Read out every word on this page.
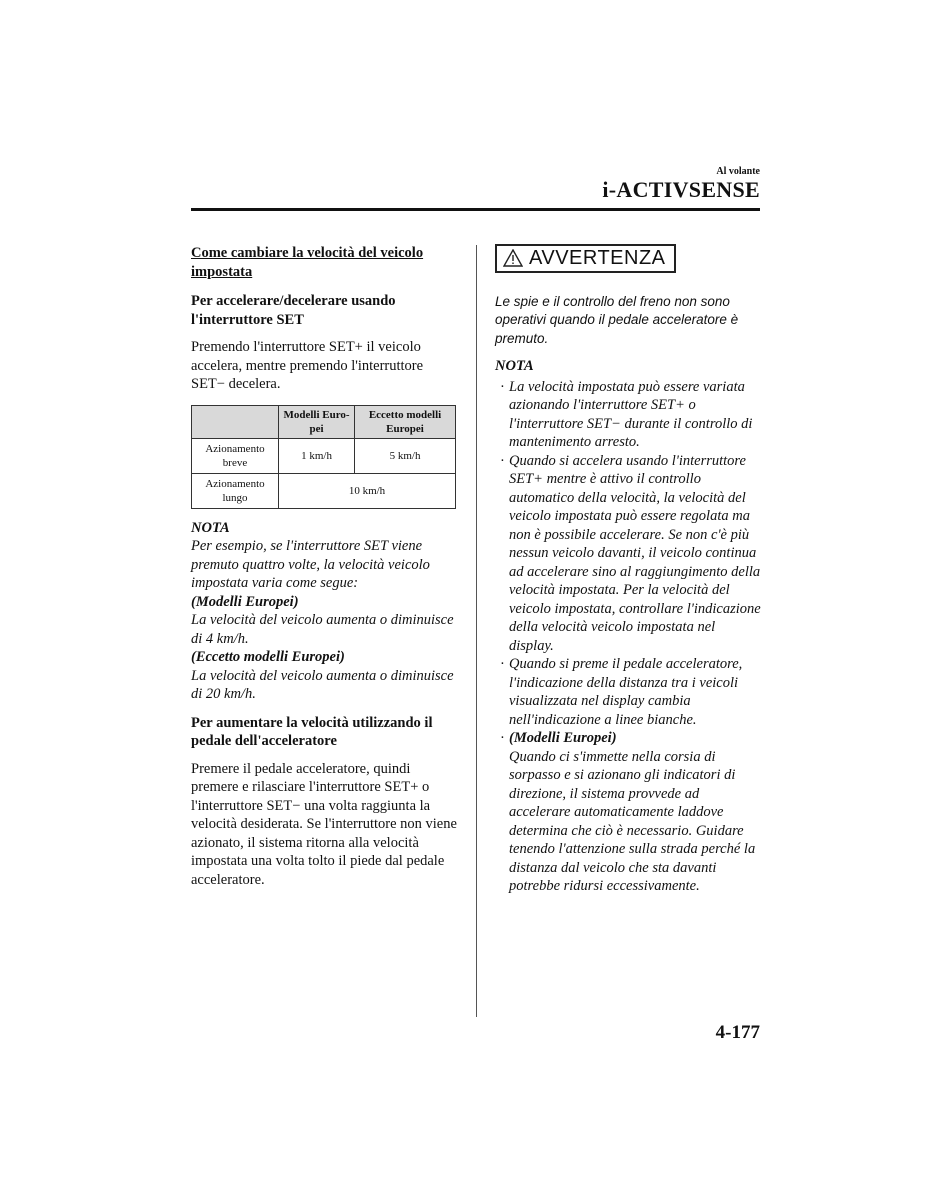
Al volante
i-ACTIVSENSE

Come cambiare la velocità del veicolo impostata

Per accelerare/decelerare usando l'interruttore SET

Premendo l'interruttore SET+ il veicolo accelera, mentre premendo l'interruttore SET− decelera.

	Modelli Euro-pei	Eccetto modelli Europei
Azionamento breve	1 km/h	5 km/h
Azionamento lungo	10 km/h	

NOTA

Per esempio, se l'interruttore SET viene premuto quattro volte, la velocità veicolo impostata varia come segue:

(Modelli Europei)

La velocità del veicolo aumenta o diminuisce di 4 km/h.

(Eccetto modelli Europei)

La velocità del veicolo aumenta o diminuisce di 20 km/h.

Per aumentare la velocità utilizzando il pedale dell'acceleratore

Premere il pedale acceleratore, quindi premere e rilasciare l'interruttore SET+ o l'interruttore SET− una volta raggiunta la velocità desiderata. Se l'interruttore non viene azionato, il sistema ritorna alla velocità impostata una volta tolto il piede dal pedale acceleratore.

AVVERTENZA

Le spie e il controllo del freno non sono operativi quando il pedale acceleratore è premuto.

NOTA

· La velocità impostata può essere variata azionando l'interruttore SET+ o l'interruttore SET− durante il controllo di mantenimento arresto.
· Quando si accelera usando l'interruttore SET+ mentre è attivo il controllo automatico della velocità, la velocità del veicolo impostata può essere regolata ma non è possibile accelerare. Se non c'è più nessun veicolo davanti, il veicolo continua ad accelerare sino al raggiungimento della velocità impostata. Per la velocità del veicolo impostata, controllare l'indicazione della velocità veicolo impostata nel display.
· Quando si preme il pedale acceleratore, l'indicazione della distanza tra i veicoli visualizzata nel display cambia nell'indicazione a linee bianche.
· (Modelli Europei)
Quando ci s'immette nella corsia di sorpasso e si azionano gli indicatori di direzione, il sistema provvede ad accelerare automaticamente laddove determina che ciò è necessario. Guidare tenendo l'attenzione sulla strada perché la distanza dal veicolo che sta davanti potrebbe ridursi eccessivamente.
4-177
